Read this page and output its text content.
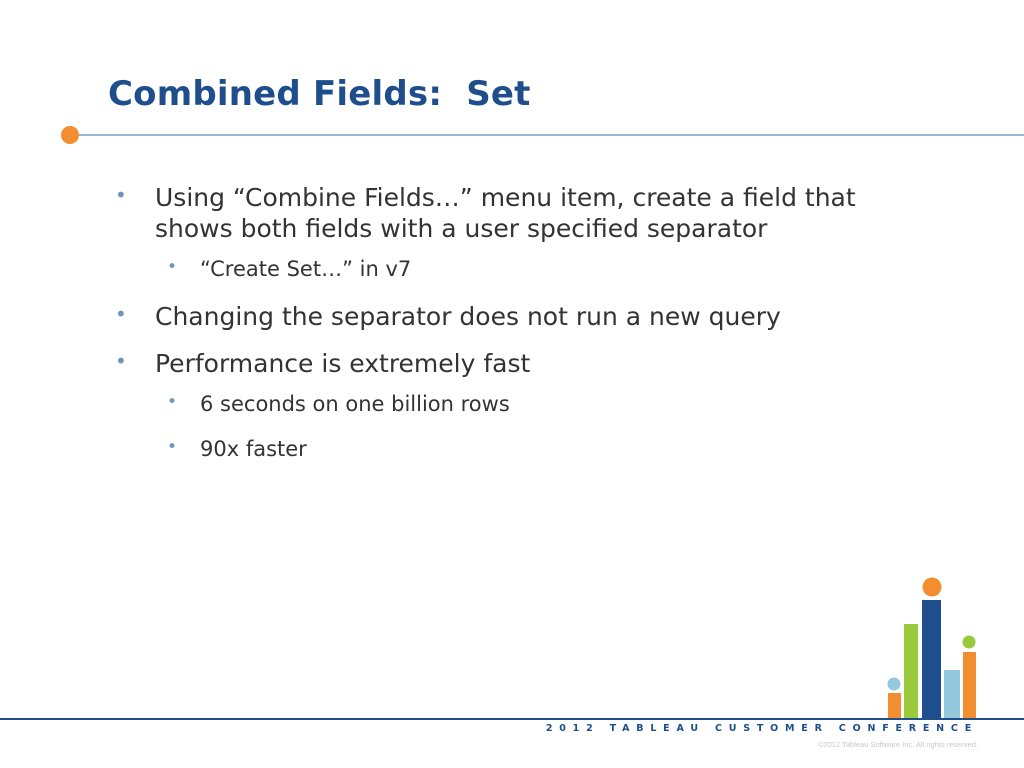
Combined Fields:  Set
• Using “Combine Fields…” menu item, create a field that shows both fields with a user specified separator
• “Create Set…” in v7
• Changing the separator does not run a new query
• Performance is extremely fast
• 6 seconds on one billion rows
• 90x faster
2012 TABLEAU CUSTOMER CONFERENCE
©2012 Tableau Software Inc. All rights reserved.
